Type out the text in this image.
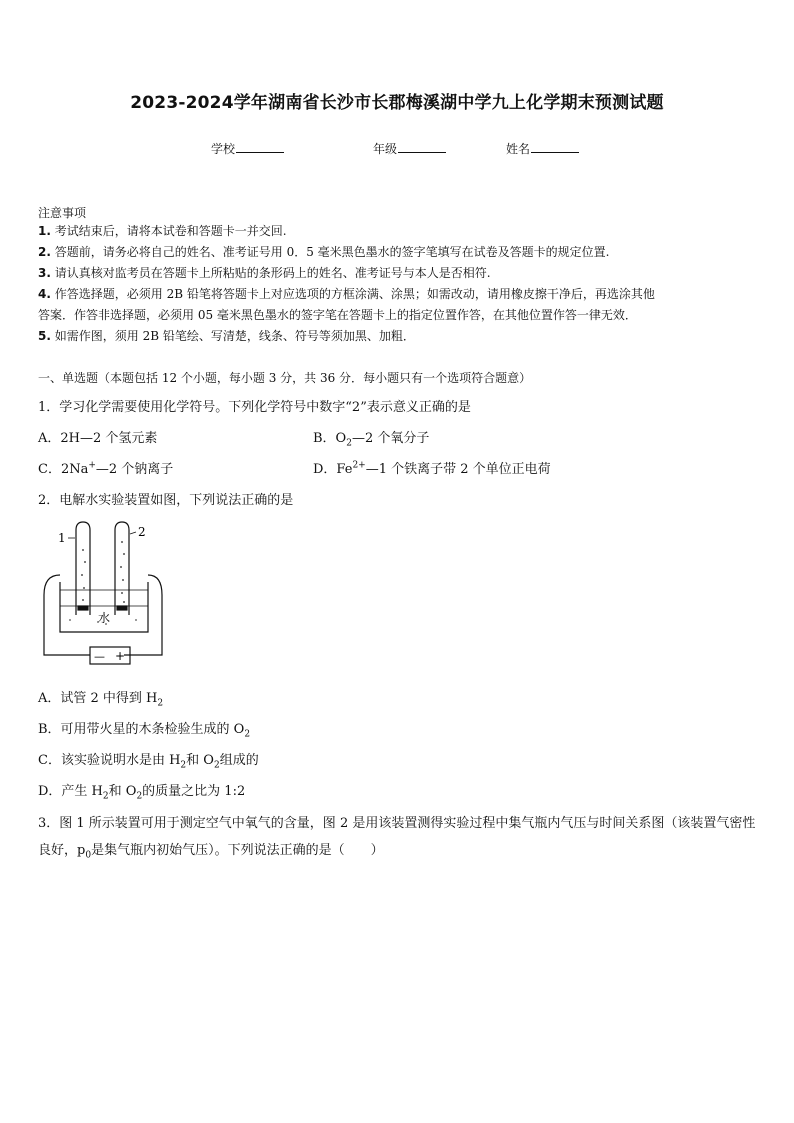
2023-2024学年湖南省长沙市长郡梅溪湖中学九上化学期末预测试题
学校	年级	姓名
注意事项
1. 考试结束后，请将本试卷和答题卡一并交回.
2. 答题前，请务必将自己的姓名、准考证号用 0．5 毫米黑色墨水的签字笔填写在试卷及答题卡的规定位置.
3. 请认真核对监考员在答题卡上所粘贴的条形码上的姓名、准考证号与本人是否相符.
4. 作答选择题，必须用 2B 铅笔将答题卡上对应选项的方框涂满、涂黑；如需改动，请用橡皮擦干净后，再选涂其他
答案．作答非选择题，必须用 05 毫米黑色墨水的签字笔在答题卡上的指定位置作答，在其他位置作答一律无效．
5. 如需作图，须用 2B 铅笔绘、写清楚，线条、符号等须加黑、加粗．
一、单选题（本题包括 12 个小题，每小题 3 分，共 36 分．每小题只有一个选项符合题意）
1．学习化学需要使用化学符号。下列化学符号中数字“2”表示意义正确的是
A．2H—2 个氢元素	B．$O_2—2$ 个氧分子
C．2Na+—2 个钠离子	D．$Fe^{2+}—1$ 个铁离子带 2 个单位正电荷
2．电解水实验装置如图，下列说法正确的是
1	2
水
— +
A．试管 2 中得到 $H_2$
B．可用带火星的木条检验生成的 $O_2$
C．该实验说明水是由 $H_2$和 $O_2$组成的
D．产生 $H_2$和 $O_2$的质量之比为 1:2
3．图 1 所示装置可用于测定空气中氧气的含量，图 2 是用该装置测得实验过程中集气瓶内气压与时间关系图（该装置气密性良好，$p_0$是集气瓶内初始气压）。下列说法正确的是（　　）
